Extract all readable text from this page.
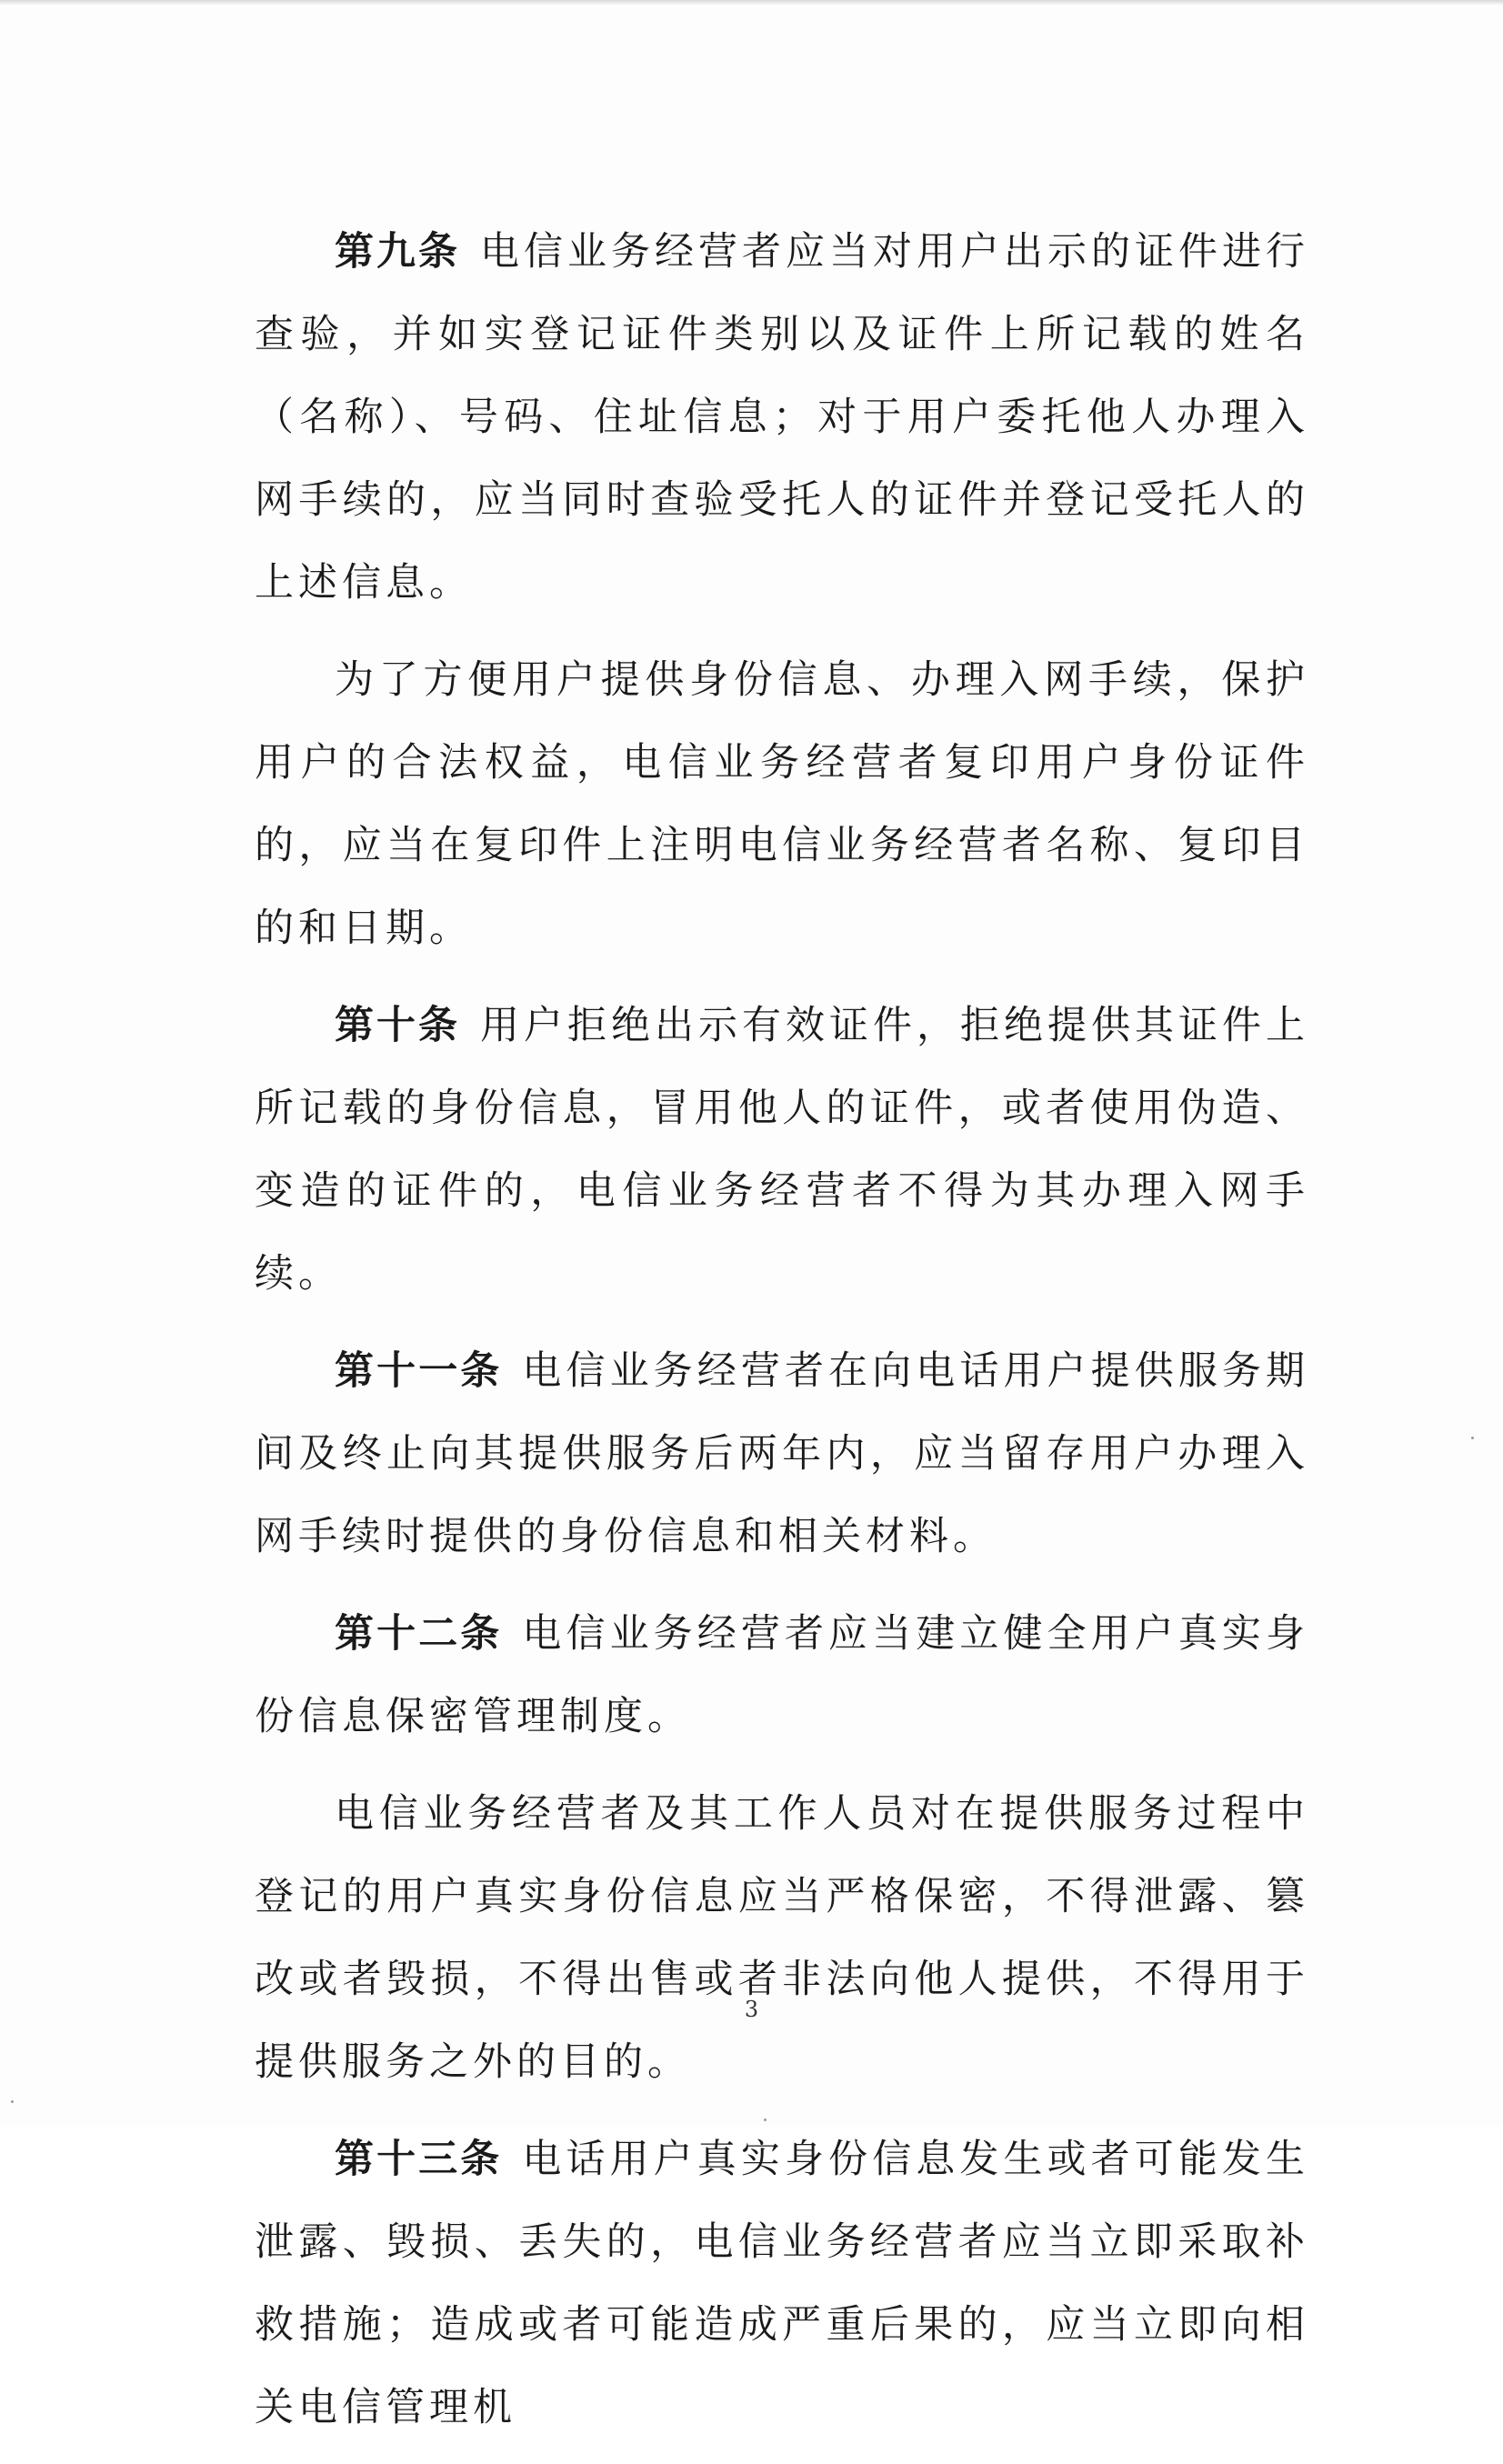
第九条 电信业务经营者应当对用户出示的证件进行查验，并如实登记证件类别以及证件上所记载的姓名（名称）、号码、住址信息；对于用户委托他人办理入网手续的，应当同时查验受托人的证件并登记受托人的上述信息。

为了方便用户提供身份信息、办理入网手续，保护用户的合法权益，电信业务经营者复印用户身份证件的，应当在复印件上注明电信业务经营者名称、复印目的和日期。

第十条 用户拒绝出示有效证件，拒绝提供其证件上所记载的身份信息，冒用他人的证件，或者使用伪造、变造的证件的，电信业务经营者不得为其办理入网手续。

第十一条 电信业务经营者在向电话用户提供服务期间及终止向其提供服务后两年内，应当留存用户办理入网手续时提供的身份信息和相关材料。

第十二条 电信业务经营者应当建立健全用户真实身份信息保密管理制度。

电信业务经营者及其工作人员对在提供服务过程中登记的用户真实身份信息应当严格保密，不得泄露、篡改或者毁损，不得出售或者非法向他人提供，不得用于提供服务之外的目的。

第十三条 电话用户真实身份信息发生或者可能发生泄露、毁损、丢失的，电信业务经营者应当立即采取补救措施；造成或者可能造成严重后果的，应当立即向相关电信管理机

3
